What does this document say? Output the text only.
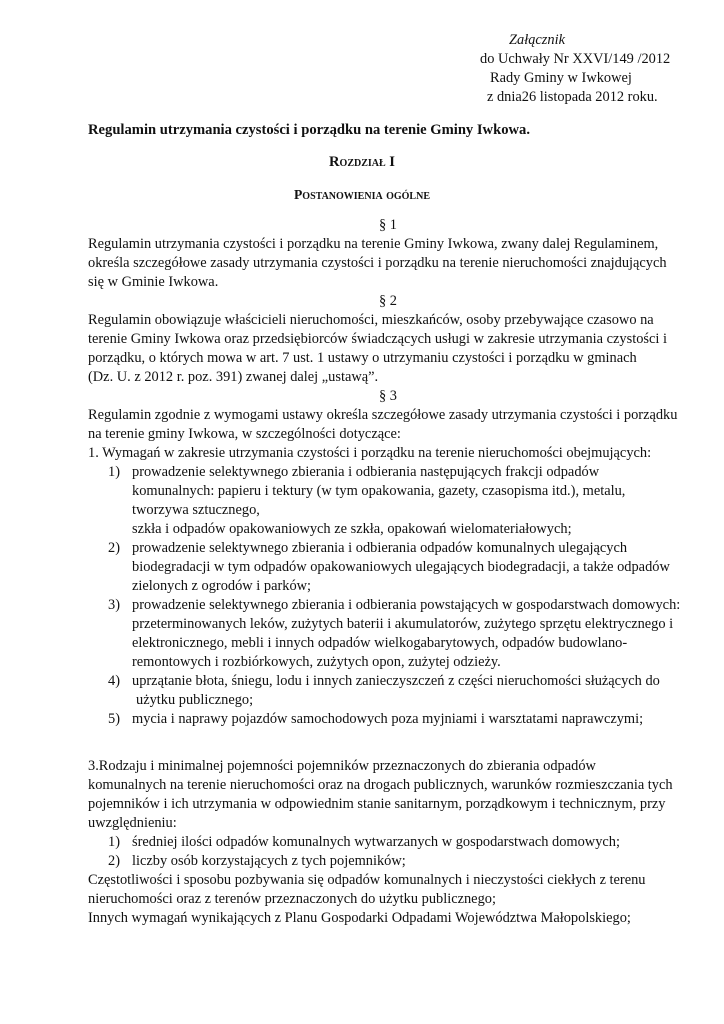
Załącznik
do Uchwały Nr XXVI/149 /2012
Rady Gminy w Iwkowej
z dnia26 listopada 2012 roku.
Regulamin utrzymania czystości i porządku na terenie Gminy Iwkowa.
Rozdział I
Postanowienia ogólne
§ 1
Regulamin utrzymania czystości i porządku na terenie Gminy Iwkowa, zwany dalej Regulaminem,
określa szczegółowe zasady utrzymania czystości i porządku na terenie nieruchomości znajdujących
się w Gminie Iwkowa.
§ 2
Regulamin obowiązuje właścicieli nieruchomości, mieszkańców, osoby przebywające czasowo na
terenie Gminy Iwkowa oraz przedsiębiorców świadczących usługi w zakresie utrzymania czystości i
porządku, o których mowa w art. 7 ust. 1 ustawy o utrzymaniu czystości i porządku w gminach
(Dz. U. z 2012 r. poz. 391) zwanej dalej „ustawą”.
§ 3
Regulamin zgodnie z wymogami ustawy określa szczegółowe zasady utrzymania czystości i porządku
na terenie gminy Iwkowa, w szczególności dotyczące:
1. Wymagań w zakresie utrzymania czystości i porządku na terenie nieruchomości obejmujących:
1) prowadzenie selektywnego zbierania i odbierania następujących frakcji odpadów
komunalnych: papieru i tektury (w tym opakowania, gazety, czasopisma itd.), metalu,
tworzywa sztucznego,
szkła i odpadów opakowaniowych ze szkła, opakowań wielomateriałowych;
2) prowadzenie selektywnego zbierania i odbierania odpadów komunalnych ulegających
biodegradacji w tym odpadów opakowaniowych ulegających biodegradacji, a także odpadów
zielonych z ogrodów i parków;
3) prowadzenie selektywnego zbierania i odbierania powstających w gospodarstwach domowych:
przeterminowanych leków, zużytych baterii i akumulatorów, zużytego sprzętu elektrycznego i
elektronicznego, mebli i innych odpadów wielkogabarytowych, odpadów budowlano-
remontowych i rozbiórkowych, zużytych opon, zużytej odzieży.
4) uprzątanie błota, śniegu, lodu i innych zanieczyszczeń z części nieruchomości służących do
użytku publicznego;
5) mycia i naprawy pojazdów samochodowych poza myjniami i warsztatami naprawczymi;
3.Rodzaju i minimalnej pojemności pojemników przeznaczonych do zbierania odpadów
komunalnych na terenie nieruchomości oraz na drogach publicznych, warunków rozmieszczania tych
pojemników i ich utrzymania w odpowiednim stanie sanitarnym, porządkowym i technicznym, przy
uwzględnieniu:
1) średniej ilości odpadów komunalnych wytwarzanych w gospodarstwach domowych;
2) liczby osób korzystających z tych pojemników;
Częstotliwości i sposobu pozbywania się odpadów komunalnych i nieczystości ciekłych z terenu
nieruchomości oraz z terenów przeznaczonych do użytku publicznego;
Innych wymagań wynikających z Planu Gospodarki Odpadami Województwa Małopolskiego;
